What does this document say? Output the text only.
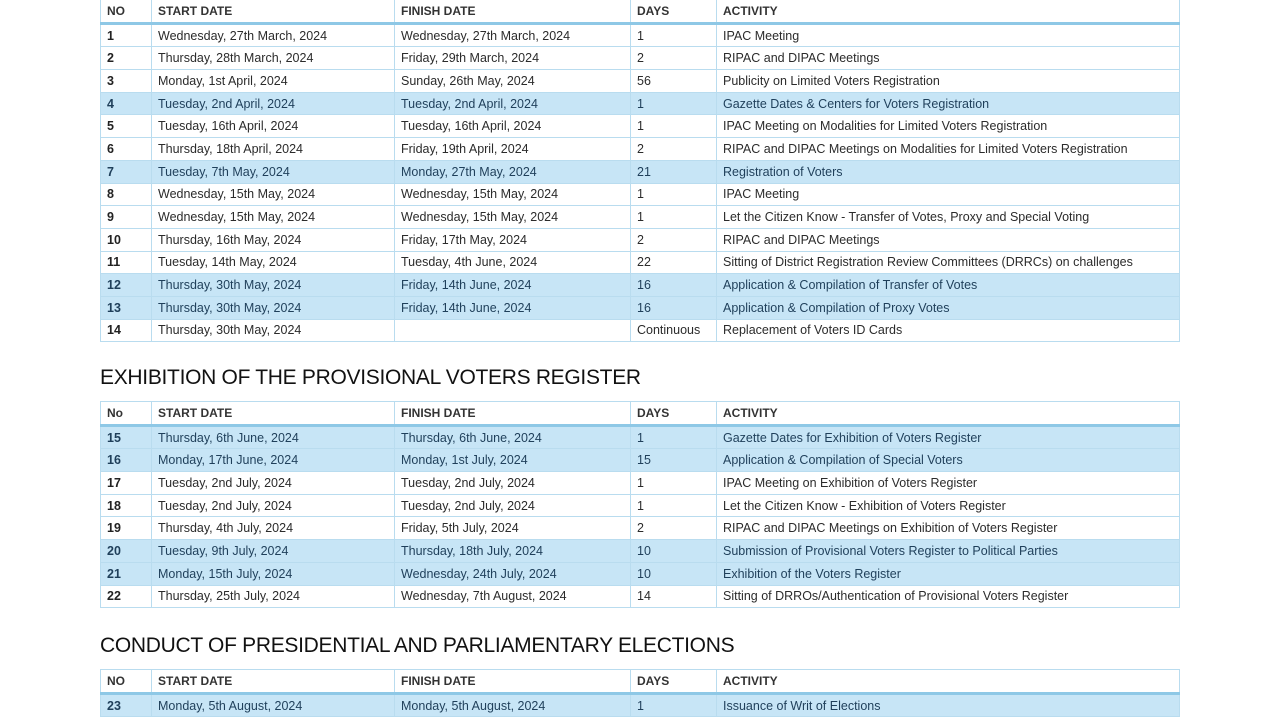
NO	START DATE	FINISH DATE	DAYS	ACTIVITY
1	Wednesday, 27th March, 2024	Wednesday, 27th March, 2024	1	IPAC Meeting
2	Thursday, 28th March, 2024	Friday, 29th March, 2024	2	RIPAC and DIPAC Meetings
3	Monday, 1st April, 2024	Sunday, 26th May, 2024	56	Publicity on Limited Voters Registration
4	Tuesday, 2nd April, 2024	Tuesday, 2nd April, 2024	1	Gazette Dates & Centers for Voters Registration
5	Tuesday, 16th April, 2024	Tuesday, 16th April, 2024	1	IPAC Meeting on Modalities for Limited Voters Registration
6	Thursday, 18th April, 2024	Friday, 19th April, 2024	2	RIPAC and DIPAC Meetings on Modalities for Limited Voters Registration
7	Tuesday, 7th May, 2024	Monday, 27th May, 2024	21	Registration of Voters
8	Wednesday, 15th May, 2024	Wednesday, 15th May, 2024	1	IPAC Meeting
9	Wednesday, 15th May, 2024	Wednesday, 15th May, 2024	1	Let the Citizen Know - Transfer of Votes, Proxy and Special Voting
10	Thursday, 16th May, 2024	Friday, 17th May, 2024	2	RIPAC and DIPAC Meetings
11	Tuesday, 14th May, 2024	Tuesday, 4th June, 2024	22	Sitting of District Registration Review Committees (DRRCs) on challenges
12	Thursday, 30th May, 2024	Friday, 14th June, 2024	16	Application & Compilation of Transfer of Votes
13	Thursday, 30th May, 2024	Friday, 14th June, 2024	16	Application & Compilation of Proxy Votes
14	Thursday, 30th May, 2024		Continuous	Replacement of Voters ID Cards
EXHIBITION OF THE PROVISIONAL VOTERS REGISTER
No	START DATE	FINISH DATE	DAYS	ACTIVITY
15	Thursday, 6th June, 2024	Thursday, 6th June, 2024	1	Gazette Dates for Exhibition of Voters Register
16	Monday, 17th June, 2024	Monday, 1st July, 2024	15	Application & Compilation of Special Voters
17	Tuesday, 2nd July, 2024	Tuesday, 2nd July, 2024	1	IPAC Meeting on Exhibition of Voters Register
18	Tuesday, 2nd July, 2024	Tuesday, 2nd July, 2024	1	Let the Citizen Know - Exhibition of Voters Register
19	Thursday, 4th July, 2024	Friday, 5th July, 2024	2	RIPAC and DIPAC Meetings on Exhibition of Voters Register
20	Tuesday, 9th July, 2024	Thursday, 18th July, 2024	10	Submission of Provisional Voters Register to Political Parties
21	Monday, 15th July, 2024	Wednesday, 24th July, 2024	10	Exhibition of the Voters Register
22	Thursday, 25th July, 2024	Wednesday, 7th August, 2024	14	Sitting of DRROs/Authentication of Provisional Voters Register
CONDUCT OF PRESIDENTIAL AND PARLIAMENTARY ELECTIONS
NO	START DATE	FINISH DATE	DAYS	ACTIVITY
23	Monday, 5th August, 2024	Monday, 5th August, 2024	1	Issuance of Writ of Elections
